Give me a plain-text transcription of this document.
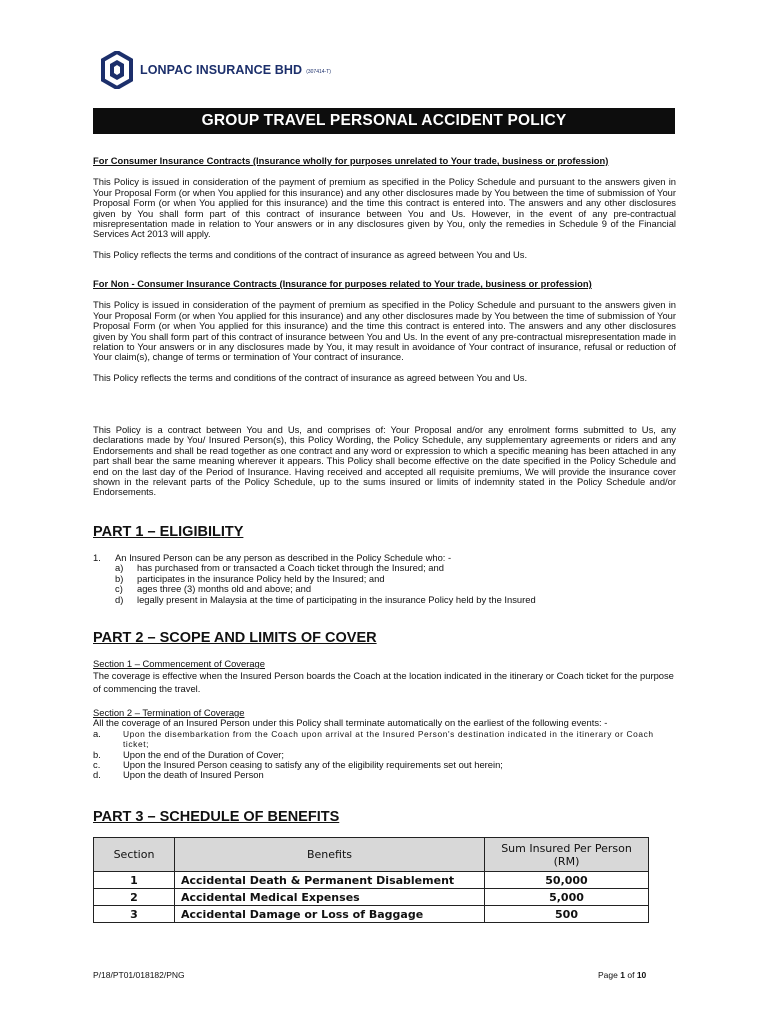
LONPAC INSURANCE BHD (307414-T)
GROUP TRAVEL PERSONAL ACCIDENT POLICY

For Consumer Insurance Contracts (Insurance wholly for purposes unrelated to Your trade, business or profession)

This Policy is issued in consideration of the payment of premium as specified in the Policy Schedule and pursuant to the answers given in Your Proposal Form (or when You applied for this insurance) and any other disclosures made by You between the time of submission of Your Proposal Form (or when You applied for this insurance) and the time this contract is entered into. The answers and any other disclosures given by You shall form part of this contract of insurance between You and Us. However, in the event of any pre-contractual misrepresentation made in relation to Your answers or in any disclosures given by You, only the remedies in Schedule 9 of the Financial Services Act 2013 will apply.

This Policy reflects the terms and conditions of the contract of insurance as agreed between You and Us.

For Non - Consumer Insurance Contracts (Insurance for purposes related to Your trade, business or profession)

This Policy is issued in consideration of the payment of premium as specified in the Policy Schedule and pursuant to the answers given in Your Proposal Form (or when You applied for this insurance) and any other disclosures made by You between the time of submission of Your Proposal Form (or when You applied for this insurance) and the time this contract is entered into. The answers and any other disclosures given by You shall form part of this contract of insurance between You and Us. In the event of any pre-contractual misrepresentation made in relation to Your answers or in any disclosures made by You, it may result in avoidance of Your contract of insurance, refusal or reduction of Your claim(s), change of terms or termination of Your contract of insurance.

This Policy reflects the terms and conditions of the contract of insurance as agreed between You and Us.

This Policy is a contract between You and Us, and comprises of: Your Proposal and/or any enrolment forms submitted to Us, any declarations made by You/ Insured Person(s), this Policy Wording, the Policy Schedule, any supplementary agreements or riders and any Endorsements and shall be read together as one contract and any word or expression to which a specific meaning has been attached in any part shall bear the same meaning wherever it appears. This Policy shall become effective on the date specified in the Policy Schedule and end on the last day of the Period of Insurance. Having received and accepted all requisite premiums, We will provide the insurance cover shown in the relevant parts of the Policy Schedule, up to the sums insured or limits of indemnity stated in the Policy Schedule and/or Endorsements.

PART 1 – ELIGIBILITY
1.	An Insured Person can be any person as described in the Policy Schedule who: -
a)	has purchased from or transacted a Coach ticket through the Insured; and
b)	participates in the insurance Policy held by the Insured; and
c)	ages three (3) months old and above; and
d)	legally present in Malaysia at the time of participating in the insurance Policy held by the Insured
PART 2 – SCOPE AND LIMITS OF COVER
Section 1 – Commencement of Coverage
The coverage is effective when the Insured Person boards the Coach at the location indicated in the itinerary or Coach ticket for the purpose of commencing the travel.
Section 2 – Termination of Coverage
All the coverage of an Insured Person under this Policy shall terminate automatically on the earliest of the following events: -
a.	Upon the disembarkation from the Coach upon arrival at the Insured Person's destination indicated in the itinerary or Coach ticket;
b.	Upon the end of the Duration of Cover;
c.	Upon the Insured Person ceasing to satisfy any of the eligibility requirements set out herein;
d.	Upon the death of Insured Person
PART 3 – SCHEDULE OF BENEFITS
Section	Benefits	Sum Insured Per Person (RM)
1	Accidental Death & Permanent Disablement	50,000
2	Accidental Medical Expenses	5,000
3	Accidental Damage or Loss of Baggage	500
P/18/PT01/018182/PNG	Page 1 of 10
